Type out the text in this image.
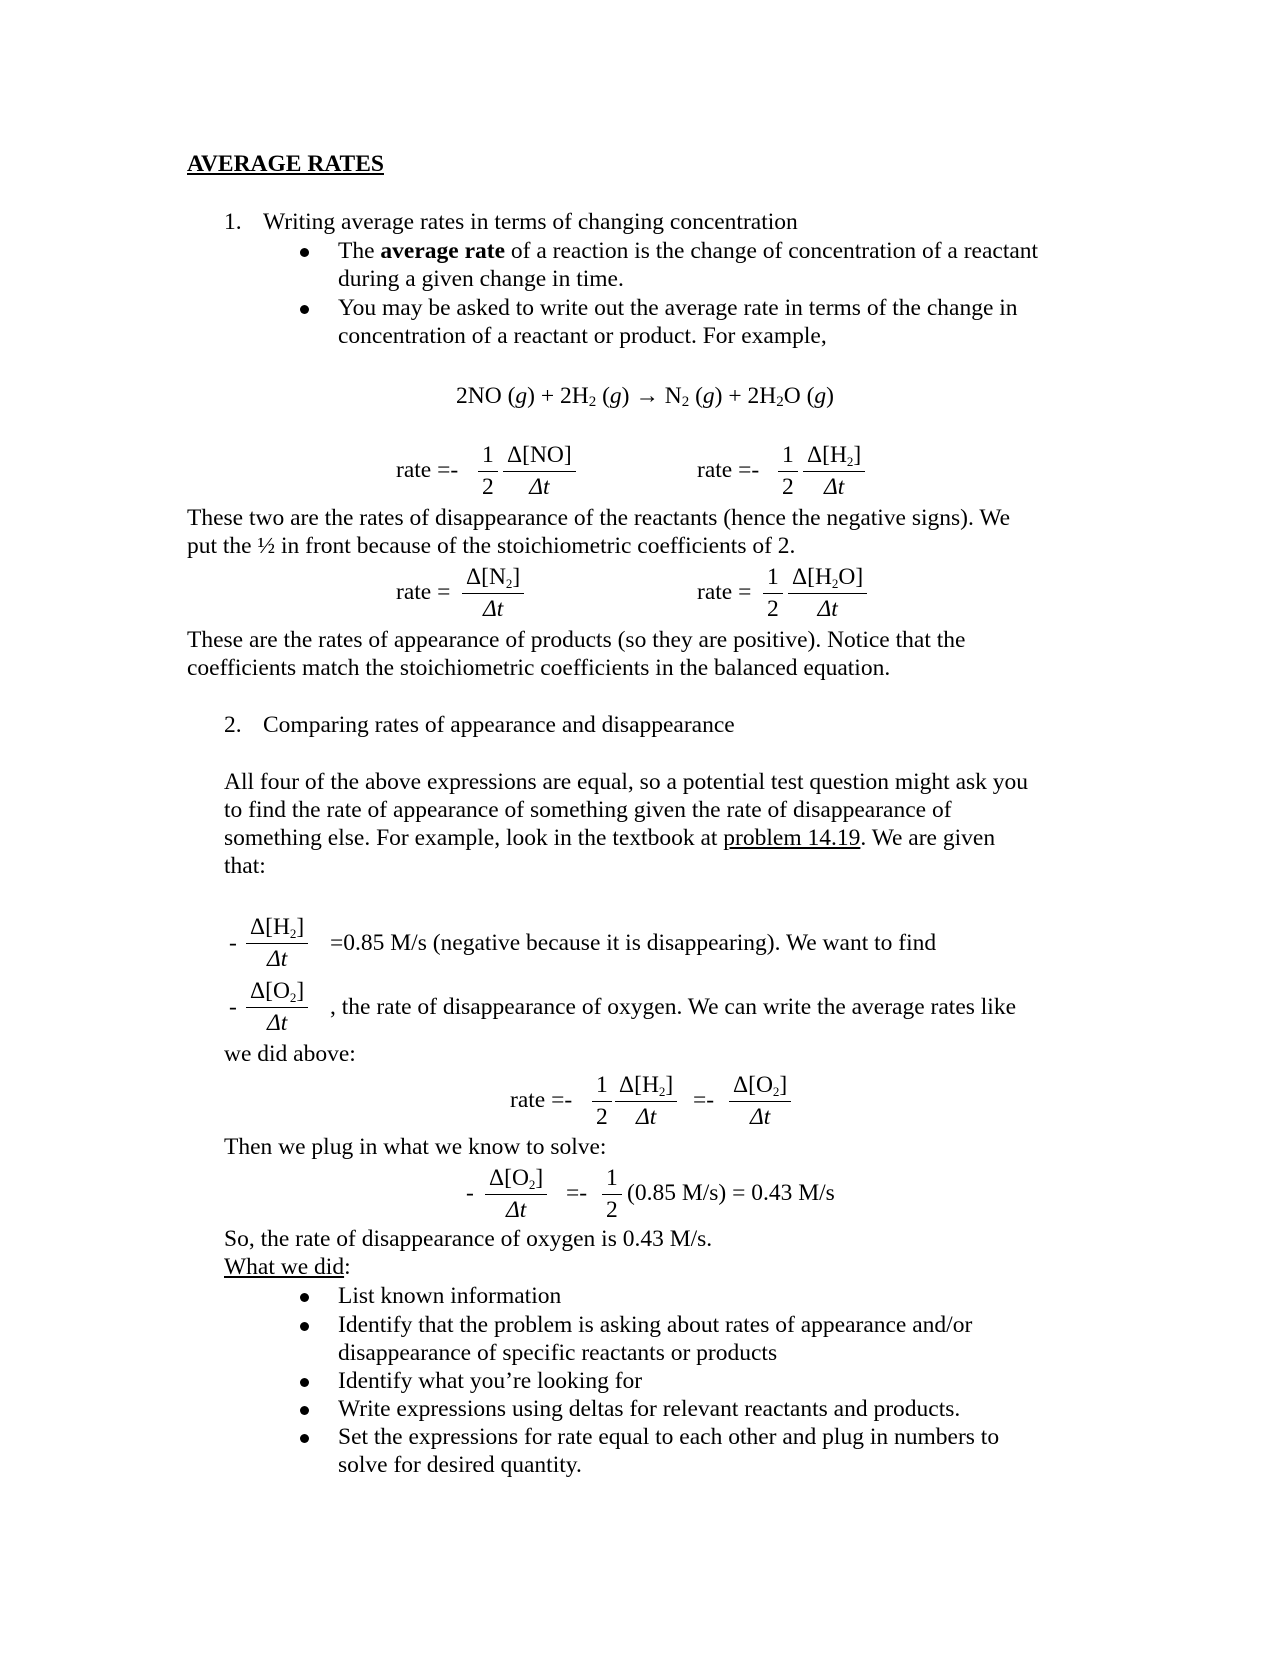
AVERAGE RATES
1. Writing average rates in terms of changing concentration
The average rate of a reaction is the change of concentration of a reactant
during a given change in time.
You may be asked to write out the average rate in terms of the change in
concentration of a reactant or product. For example,
2NO $(g) + 2H_2$ $(g) \to N_2$ $(g) + 2H_2O$ (g)
rate =-
1
2
Δ[NO]
Δt
rate =-
1
2
$\Delta[H_2]$
Δt
These two are the rates of disappearance of the reactants (hence the negative signs). We
put the ½ in front because of the stoichiometric coefficients of 2.
rate =
$\Delta[N_2]$
Δt
rate =
1
2
$\Delta[H_2O]$
Δt
These are the rates of appearance of products (so they are positive). Notice that the
coefficients match the stoichiometric coefficients in the balanced equation.
2. Comparing rates of appearance and disappearance
All four of the above expressions are equal, so a potential test question might ask you
to find the rate of appearance of something given the rate of disappearance of
something else. For example, look in the textbook at problem 14.19. We are given
that:
-
$\Delta[H_2]$
Δt
=0.85 M/s (negative because it is disappearing). We want to find
-
$\Delta[O_2]$
Δt
, the rate of disappearance of oxygen. We can write the average rates like
we did above:
rate =-
1
2
$\Delta[H_2]$
Δt
=-
$\Delta[O_2]$
Δt
Then we plug in what we know to solve:
-
$\Delta[O_2]$
Δt
=-
1
2
(0.85 M/s) = 0.43 M/s
So, the rate of disappearance of oxygen is 0.43 M/s.
What we did:
List known information
Identify that the problem is asking about rates of appearance and/or
disappearance of specific reactants or products
Identify what you’re looking for
Write expressions using deltas for relevant reactants and products.
Set the expressions for rate equal to each other and plug in numbers to
solve for desired quantity.
